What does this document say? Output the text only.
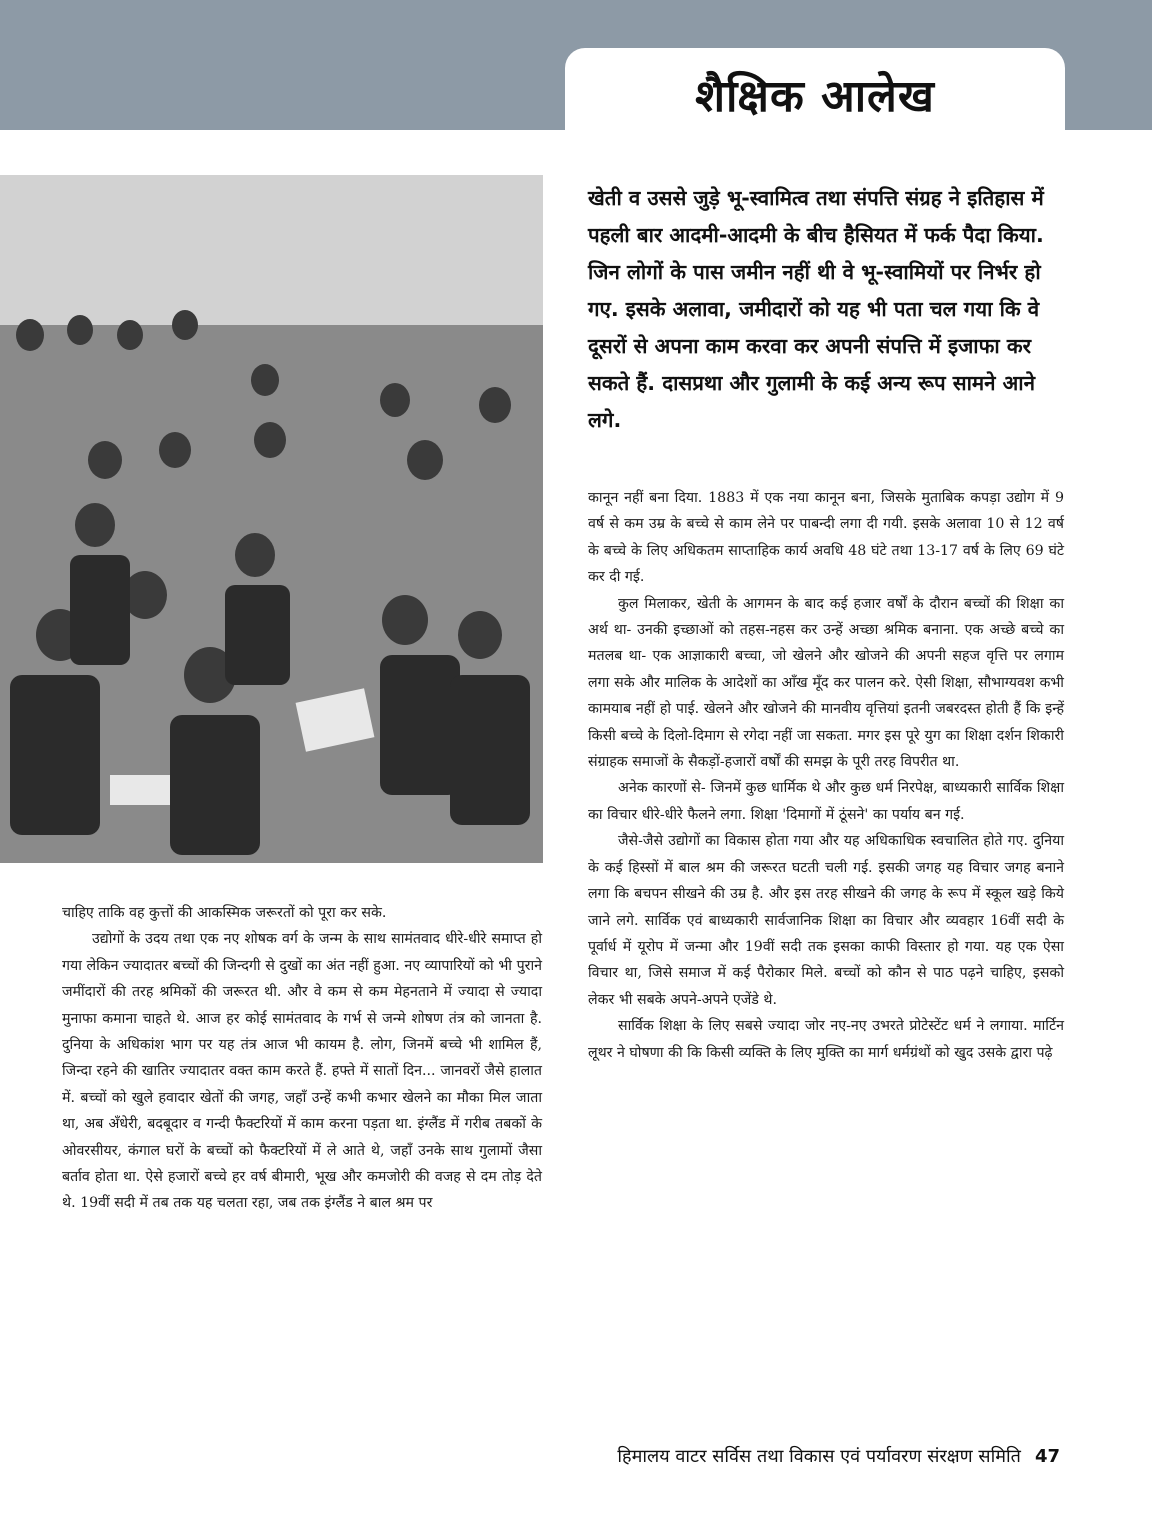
शैक्षिक आलेख
खेती व उससे जुड़े भू-स्वामित्व तथा संपत्ति संग्रह ने इतिहास में पहली बार आदमी-आदमी के बीच हैसियत में फर्क पैदा किया. जिन लोगों के पास जमीन नहीं थी वे भू-स्वामियों पर निर्भर हो गए. इसके अलावा, जमीदारों को यह भी पता चल गया कि वे दूसरों से अपना काम करवा कर अपनी संपत्ति में इजाफा कर सकते हैं. दासप्रथा और गुलामी के कई अन्य रूप सामने आने लगे.

चाहिए ताकि वह कुत्तों की आकस्मिक जरूरतों को पूरा कर सके.

उद्योगों के उदय तथा एक नए शोषक वर्ग के जन्म के साथ सामंतवाद धीरे-धीरे समाप्त हो गया लेकिन ज्यादातर बच्चों की जिन्दगी से दुखों का अंत नहीं हुआ. नए व्यापारियों को भी पुराने जमींदारों की तरह श्रमिकों की जरूरत थी. और वे कम से कम मेहनताने में ज्यादा से ज्यादा मुनाफा कमाना चाहते थे. आज हर कोई सामंतवाद के गर्भ से जन्मे शोषण तंत्र को जानता है. दुनिया के अधिकांश भाग पर यह तंत्र आज भी कायम है. लोग, जिनमें बच्चे भी शामिल हैं, जिन्दा रहने की खातिर ज्यादातर वक्त काम करते हैं. हफ्ते में सातों दिन... जानवरों जैसे हालात में. बच्चों को खुले हवादार खेतों की जगह, जहाँ उन्हें कभी कभार खेलने का मौका मिल जाता था, अब अँधेरी, बदबूदार व गन्दी फैक्टरियों में काम करना पड़ता था. इंग्लैंड में गरीब तबकों के ओवरसीयर, कंगाल घरों के बच्चों को फैक्टरियों में ले आते थे, जहाँ उनके साथ गुलामों जैसा बर्ताव होता था. ऐसे हजारों बच्चे हर वर्ष बीमारी, भूख और कमजोरी की वजह से दम तोड़ देते थे. 19वीं सदी में तब तक यह चलता रहा, जब तक इंग्लैंड ने बाल श्रम पर

कानून नहीं बना दिया. 1883 में एक नया कानून बना, जिसके मुताबिक कपड़ा उद्योग में 9 वर्ष से कम उम्र के बच्चे से काम लेने पर पाबन्दी लगा दी गयी. इसके अलावा 10 से 12 वर्ष के बच्चे के लिए अधिकतम साप्ताहिक कार्य अवधि 48 घंटे तथा 13-17 वर्ष के लिए 69 घंटे कर दी गई.

कुल मिलाकर, खेती के आगमन के बाद कई हजार वर्षों के दौरान बच्चों की शिक्षा का अर्थ था- उनकी इच्छाओं को तहस-नहस कर उन्हें अच्छा श्रमिक बनाना. एक अच्छे बच्चे का मतलब था- एक आज्ञाकारी बच्चा, जो खेलने और खोजने की अपनी सहज वृत्ति पर लगाम लगा सके और मालिक के आदेशों का आँख मूँद कर पालन करे. ऐसी शिक्षा, सौभाग्यवश कभी कामयाब नहीं हो पाई. खेलने और खोजने की मानवीय वृत्तियां इतनी जबरदस्त होती हैं कि इन्हें किसी बच्चे के दिलो-दिमाग से रगेदा नहीं जा सकता. मगर इस पूरे युग का शिक्षा दर्शन शिकारी संग्राहक समाजों के सैकड़ों-हजारों वर्षों की समझ के पूरी तरह विपरीत था.

अनेक कारणों से- जिनमें कुछ धार्मिक थे और कुछ धर्म निरपेक्ष, बाध्यकारी सार्विक शिक्षा का विचार धीरे-धीरे फैलने लगा. शिक्षा 'दिमागों में ठूंसने' का पर्याय बन गई.

जैसे-जैसे उद्योगों का विकास होता गया और यह अधिकाधिक स्वचालित होते गए. दुनिया के कई हिस्सों में बाल श्रम की जरूरत घटती चली गई. इसकी जगह यह विचार जगह बनाने लगा कि बचपन सीखने की उम्र है. और इस तरह सीखने की जगह के रूप में स्कूल खड़े किये जाने लगे. सार्विक एवं बाध्यकारी सार्वजानिक शिक्षा का विचार और व्यवहार 16वीं सदी के पूर्वार्ध में यूरोप में जन्मा और 19वीं सदी तक इसका काफी विस्तार हो गया. यह एक ऐसा विचार था, जिसे समाज में कई पैरोकार मिले. बच्चों को कौन से पाठ पढ़ने चाहिए, इसको लेकर भी सबके अपने-अपने एजेंडे थे.

सार्विक शिक्षा के लिए सबसे ज्यादा जोर नए-नए उभरते प्रोटेस्टेंट धर्म ने लगाया. मार्टिन लूथर ने घोषणा की कि किसी व्यक्ति के लिए मुक्ति का मार्ग धर्मग्रंथों को खुद उसके द्वारा पढ़े

हिमालय वाटर सर्विस तथा विकास एवं पर्यावरण संरक्षण समिति 47
